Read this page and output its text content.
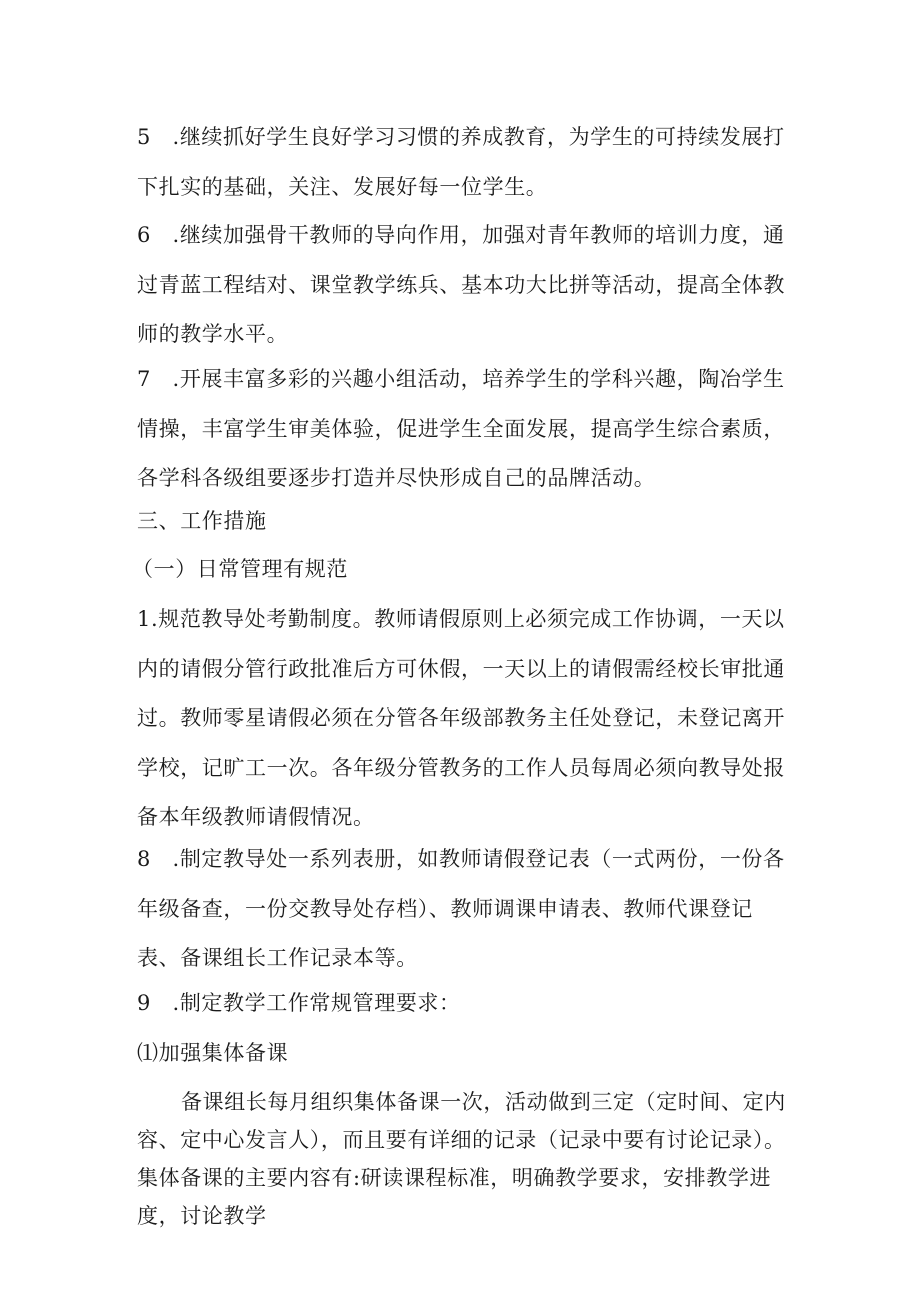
5 .继续抓好学生良好学习习惯的养成教育，为学生的可持续发展打下扎实的基础，关注、发展好每一位学生。

6 .继续加强骨干教师的导向作用，加强对青年教师的培训力度，通过青蓝工程结对、课堂教学练兵、基本功大比拼等活动，提高全体教师的教学水平。

7 .开展丰富多彩的兴趣小组活动，培养学生的学科兴趣，陶冶学生情操，丰富学生审美体验，促进学生全面发展，提高学生综合素质，各学科各级组要逐步打造并尽快形成自己的品牌活动。

三、工作措施

（一）日常管理有规范

1.规范教导处考勤制度。教师请假原则上必须完成工作协调，一天以内的请假分管行政批准后方可休假，一天以上的请假需经校长审批通过。教师零星请假必须在分管各年级部教务主任处登记，未登记离开学校，记旷工一次。各年级分管教务的工作人员每周必须向教导处报备本年级教师请假情况。

8 .制定教导处一系列表册，如教师请假登记表（一式两份，一份各年级备查，一份交教导处存档）、教师调课申请表、教师代课登记表、备课组长工作记录本等。

9 .制定教学工作常规管理要求：

⑴加强集体备课

备课组长每月组织集体备课一次，活动做到三定（定时间、定内容、定中心发言人），而且要有详细的记录（记录中要有讨论记录）。集体备课的主要内容有:研读课程标准，明确教学要求，安排教学进度，讨论教学
